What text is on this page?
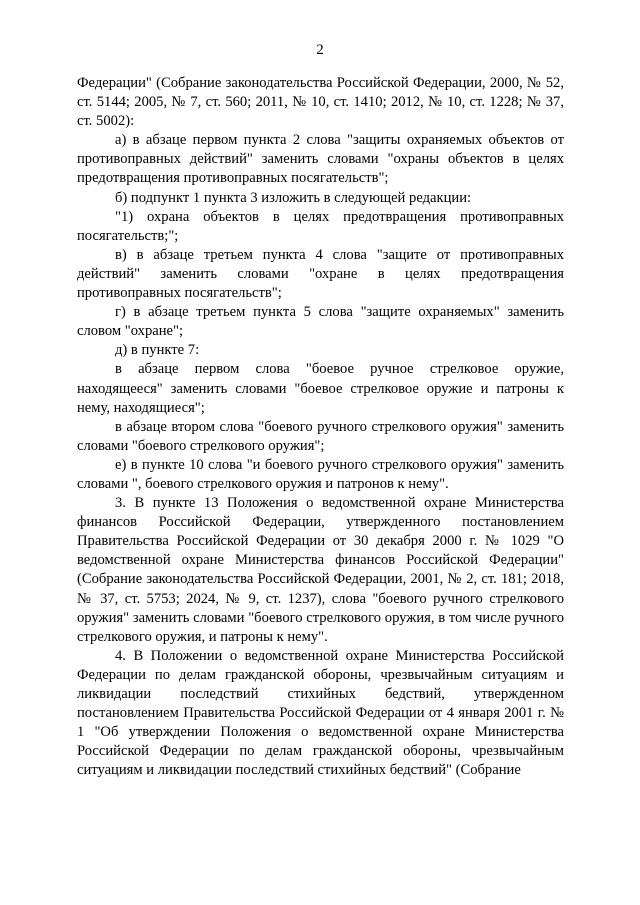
2

Федерации" (Собрание законодательства Российской Федерации, 2000, № 52, ст. 5144; 2005, № 7, ст. 560; 2011, № 10, ст. 1410; 2012, № 10, ст. 1228; № 37, ст. 5002):

а) в абзаце первом пункта 2 слова "защиты охраняемых объектов от противоправных действий" заменить словами "охраны объектов в целях предотвращения противоправных посягательств";

б) подпункт 1 пункта 3 изложить в следующей редакции:

"1) охрана объектов в целях предотвращения противоправных посягательств;";

в) в абзаце третьем пункта 4 слова "защите от противоправных действий" заменить словами "охране в целях предотвращения противоправных посягательств";

г) в абзаце третьем пункта 5 слова "защите охраняемых" заменить словом "охране";

д) в пункте 7:

в абзаце первом слова "боевое ручное стрелковое оружие, находящееся" заменить словами "боевое стрелковое оружие и патроны к нему, находящиеся";

в абзаце втором слова "боевого ручного стрелкового оружия" заменить словами "боевого стрелкового оружия";

е) в пункте 10 слова "и боевого ручного стрелкового оружия" заменить словами ", боевого стрелкового оружия и патронов к нему".

3. В пункте 13 Положения о ведомственной охране Министерства финансов Российской Федерации, утвержденного постановлением Правительства Российской Федерации от 30 декабря 2000 г. № 1029 "О ведомственной охране Министерства финансов Российской Федерации" (Собрание законодательства Российской Федерации, 2001, № 2, ст. 181; 2018, № 37, ст. 5753; 2024, № 9, ст. 1237), слова "боевого ручного стрелкового оружия" заменить словами "боевого стрелкового оружия, в том числе ручного стрелкового оружия, и патроны к нему".

4. В Положении о ведомственной охране Министерства Российской Федерации по делам гражданской обороны, чрезвычайным ситуациям и ликвидации последствий стихийных бедствий, утвержденном постановлением Правительства Российской Федерации от 4 января 2001 г. № 1 "Об утверждении Положения о ведомственной охране Министерства Российской Федерации по делам гражданской обороны, чрезвычайным ситуациям и ликвидации последствий стихийных бедствий" (Собрание
